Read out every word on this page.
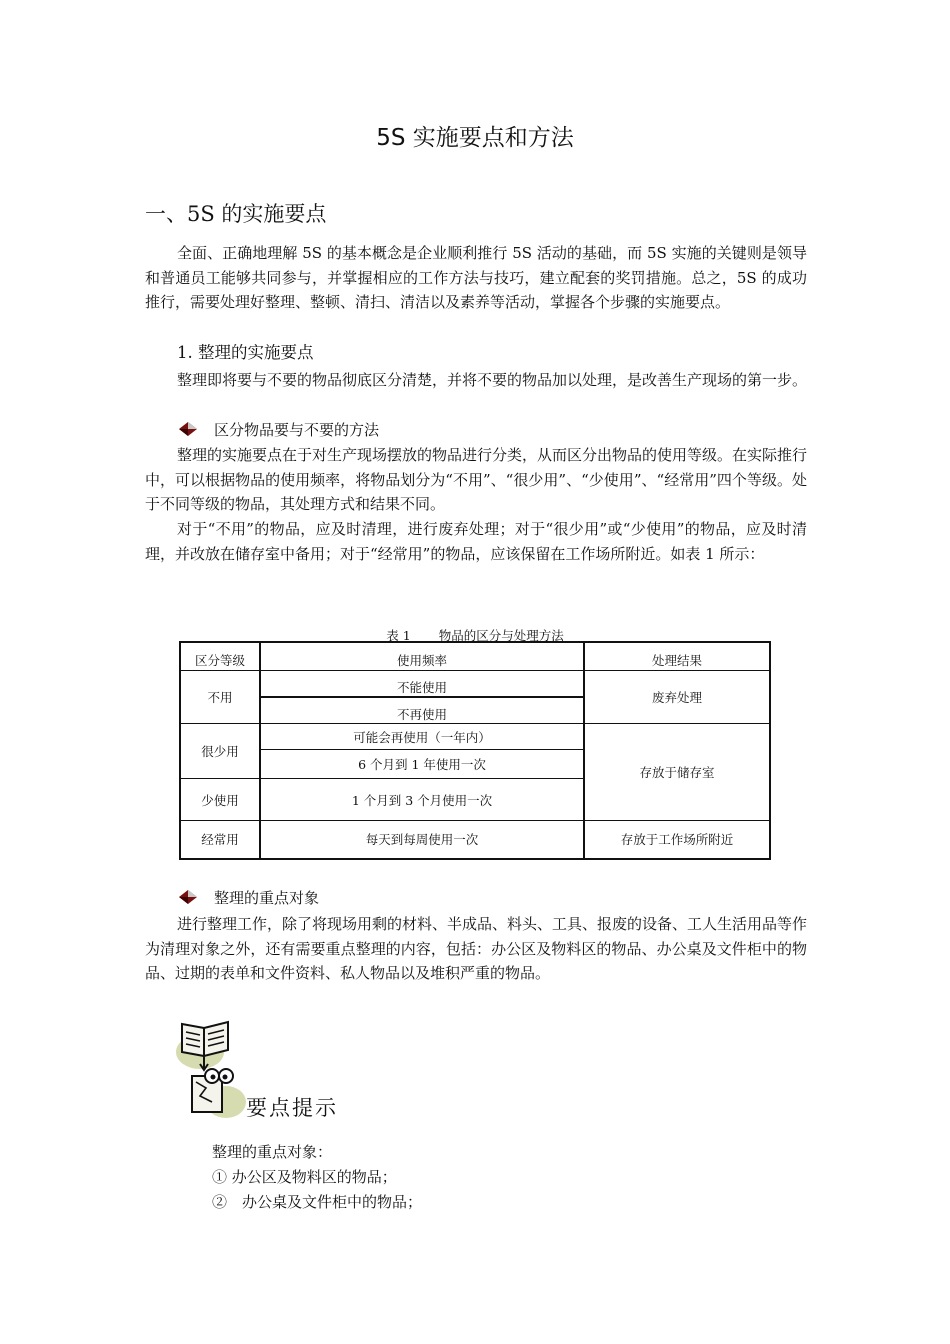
5S 实施要点和方法
一、5S 的实施要点
全面、正确地理解 5S 的基本概念是企业顺利推行 5S 活动的基础，而 5S 实施的关键则是领导和普通员工能够共同参与，并掌握相应的工作方法与技巧，建立配套的奖罚措施。总之，5S 的成功推行，需要处理好整理、整顿、清扫、清洁以及素养等活动，掌握各个步骤的实施要点。
1. 整理的实施要点
整理即将要与不要的物品彻底区分清楚，并将不要的物品加以处理，是改善生产现场的第一步。
区分物品要与不要的方法
整理的实施要点在于对生产现场摆放的物品进行分类，从而区分出物品的使用等级。在实际推行中，可以根据物品的使用频率，将物品划分为“不用”、“很少用”、“少使用”、“经常用”四个等级。处于不同等级的物品，其处理方式和结果不同。
对于“不用”的物品，应及时清理，进行废弃处理；对于“很少用”或“少使用”的物品，应及时清理，并改放在储存室中备用；对于“经常用”的物品，应该保留在工作场所附近。如表 1 所示：
表 1 物品的区分与处理方法
区分等级	使用频率	处理结果
不用	不能使用	废弃处理
	不再使用	
很少用	可能会再使用（一年内）	存放于储存室
	6 个月到 1 年使用一次	
少使用	1 个月到 3 个月使用一次	
经常用	每天到每周使用一次	存放于工作场所附近
整理的重点对象
进行整理工作，除了将现场用剩的材料、半成品、料头、工具、报废的设备、工人生活用品等作为清理对象之外，还有需要重点整理的内容，包括：办公区及物料区的物品、办公桌及文件柜中的物品、过期的表单和文件资料、私人物品以及堆积严重的物品。
要点提示
整理的重点对象：
① 办公区及物料区的物品；
②　办公桌及文件柜中的物品；
